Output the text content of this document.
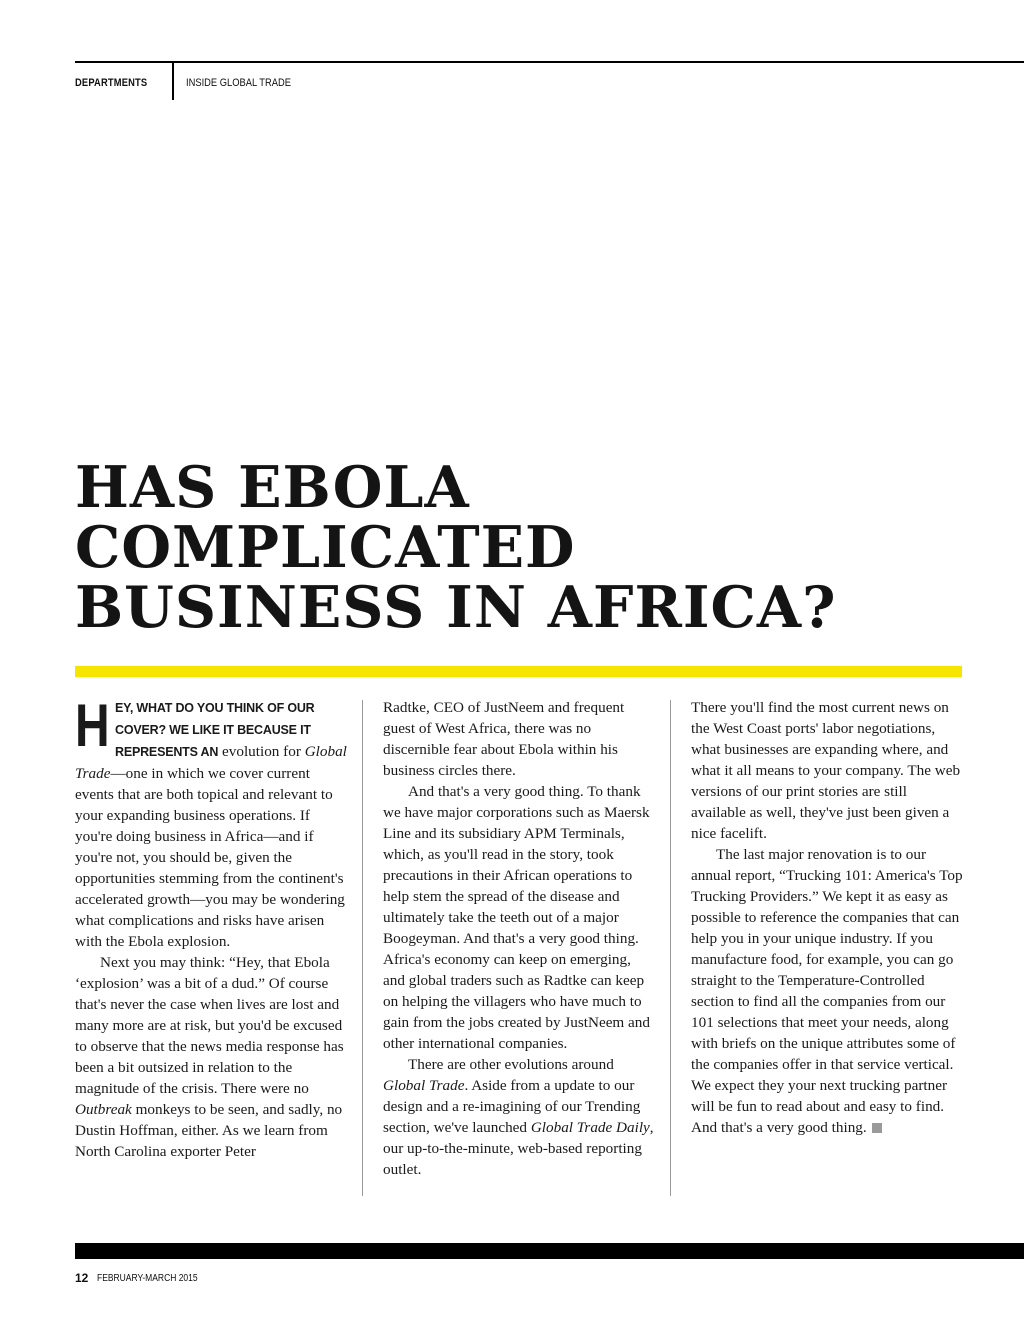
DEPARTMENTS	INSIDE GLOBAL TRADE
HAS EBOLA
COMPLICATED
BUSINESS IN AFRICA?

HEY, WHAT DO YOU THINK OF OUR COVER? WE LIKE IT BECAUSE IT REPRESENTS AN evolution for Global Trade—one in which we cover current events that are both topical and relevant to your expanding business operations. If you're doing business in Africa—and if you're not, you should be, given the opportunities stemming from the continent's accelerated growth—you may be wondering what complications and risks have arisen with the Ebola explosion.

Next you may think: “Hey, that Ebola ‘explosion’ was a bit of a dud.” Of course that's never the case when lives are lost and many more are at risk, but you'd be excused to observe that the news media response has been a bit outsized in relation to the magnitude of the crisis. There were no Outbreak monkeys to be seen, and sadly, no Dustin Hoffman, either. As we learn from North Carolina exporter Peter

Radtke, CEO of JustNeem and frequent guest of West Africa, there was no discernible fear about Ebola within his business circles there.

And that's a very good thing. To thank we have major corporations such as Maersk Line and its subsidiary APM Terminals, which, as you'll read in the story, took precautions in their African operations to help stem the spread of the disease and ultimately take the teeth out of a major Boogeyman. And that's a very good thing. Africa's economy can keep on emerging, and global traders such as Radtke can keep on helping the villagers who have much to gain from the jobs created by JustNeem and other international companies.

There are other evolutions around Global Trade. Aside from a update to our design and a re-imagining of our Trending section, we've launched Global Trade Daily, our up-to-the-minute, web-based reporting outlet.

There you'll find the most current news on the West Coast ports' labor negotiations, what businesses are expanding where, and what it all means to your company. The web versions of our print stories are still available as well, they've just been given a nice facelift.

The last major renovation is to our annual report, “Trucking 101: America's Top Trucking Providers.” We kept it as easy as possible to reference the companies that can help you in your unique industry. If you manufacture food, for example, you can go straight to the Temperature-Controlled section to find all the companies from our 101 selections that meet your needs, along with briefs on the unique attributes some of the companies offer in that service vertical. We expect they your next trucking partner will be fun to read about and easy to find.

And that's a very good thing.

12 FEBRUARY-MARCH 2015
